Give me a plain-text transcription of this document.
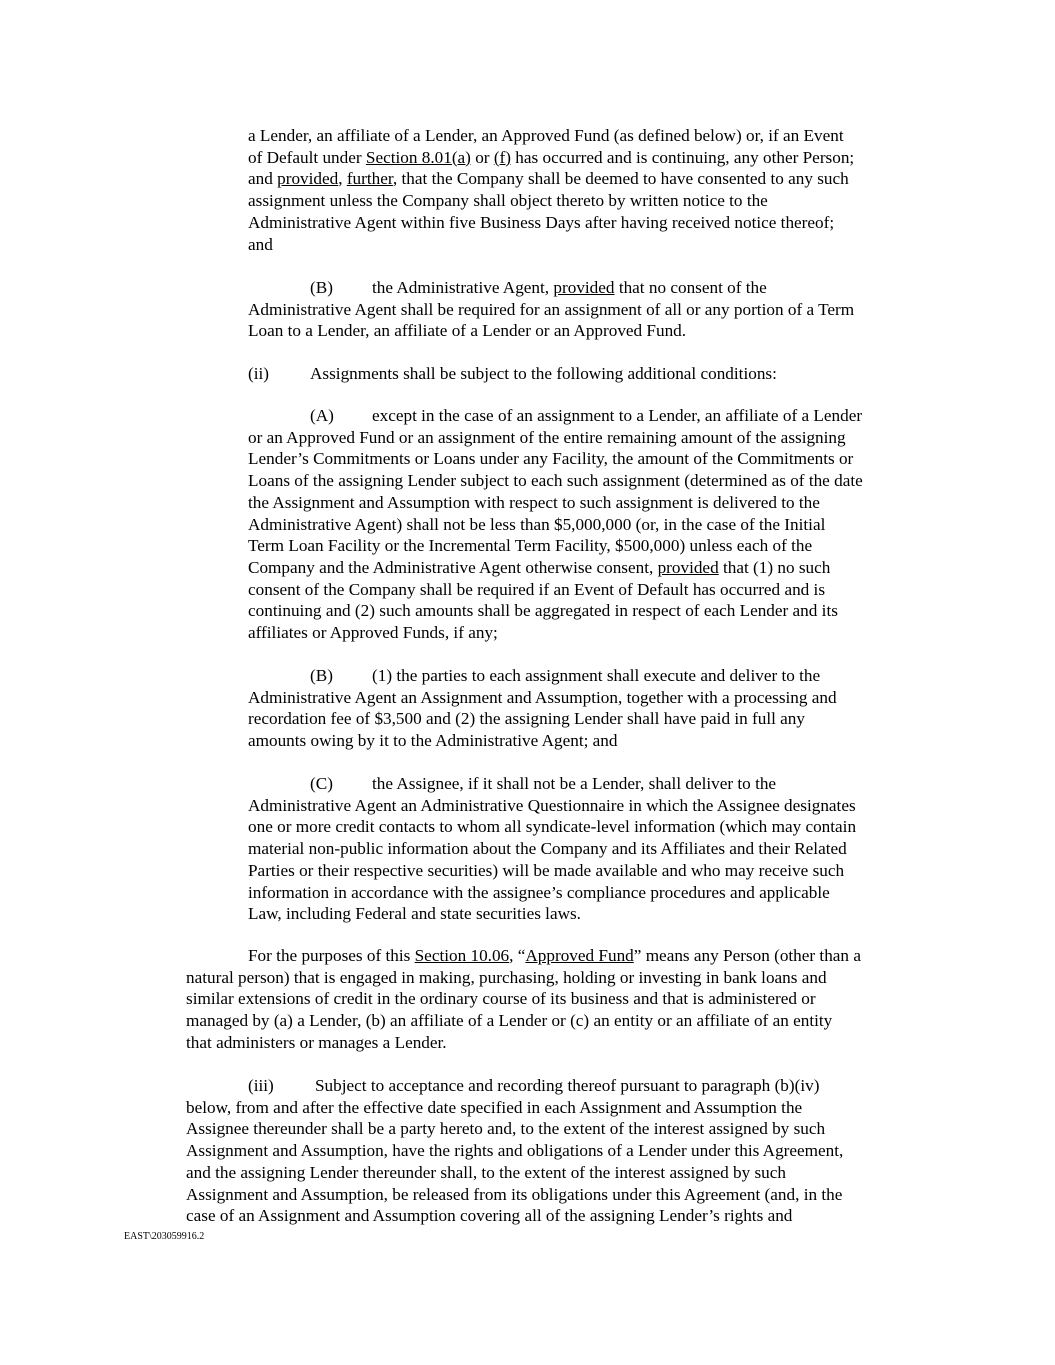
a Lender, an affiliate of a Lender, an Approved Fund (as defined below) or, if an Event
of Default under Section 8.01(a) or (f) has occurred and is continuing, any other Person;
and provided, further, that the Company shall be deemed to have consented to any such
assignment unless the Company shall object thereto by written notice to the
Administrative Agent within five Business Days after having received notice thereof;
and
(B) the Administrative Agent, provided that no consent of the
Administrative Agent shall be required for an assignment of all or any portion of a Term
Loan to a Lender, an affiliate of a Lender or an Approved Fund.
(ii) Assignments shall be subject to the following additional conditions:
(A) except in the case of an assignment to a Lender, an affiliate of a Lender
or an Approved Fund or an assignment of the entire remaining amount of the assigning
Lender’s Commitments or Loans under any Facility, the amount of the Commitments or
Loans of the assigning Lender subject to each such assignment (determined as of the date
the Assignment and Assumption with respect to such assignment is delivered to the
Administrative Agent) shall not be less than $5,000,000 (or, in the case of the Initial
Term Loan Facility or the Incremental Term Facility, $500,000) unless each of the
Company and the Administrative Agent otherwise consent, provided that (1) no such
consent of the Company shall be required if an Event of Default has occurred and is
continuing and (2) such amounts shall be aggregated in respect of each Lender and its
affiliates or Approved Funds, if any;
(B) (1) the parties to each assignment shall execute and deliver to the
Administrative Agent an Assignment and Assumption, together with a processing and
recordation fee of $3,500 and (2) the assigning Lender shall have paid in full any
amounts owing by it to the Administrative Agent; and
(C) the Assignee, if it shall not be a Lender, shall deliver to the
Administrative Agent an Administrative Questionnaire in which the Assignee designates
one or more credit contacts to whom all syndicate-level information (which may contain
material non-public information about the Company and its Affiliates and their Related
Parties or their respective securities) will be made available and who may receive such
information in accordance with the assignee’s compliance procedures and applicable
Law, including Federal and state securities laws.
For the purposes of this Section 10.06, “Approved Fund” means any Person (other than a
natural person) that is engaged in making, purchasing, holding or investing in bank loans and
similar extensions of credit in the ordinary course of its business and that is administered or
managed by (a) a Lender, (b) an affiliate of a Lender or (c) an entity or an affiliate of an entity
that administers or manages a Lender.
(iii) Subject to acceptance and recording thereof pursuant to paragraph (b)(iv)
below, from and after the effective date specified in each Assignment and Assumption the
Assignee thereunder shall be a party hereto and, to the extent of the interest assigned by such
Assignment and Assumption, have the rights and obligations of a Lender under this Agreement,
and the assigning Lender thereunder shall, to the extent of the interest assigned by such
Assignment and Assumption, be released from its obligations under this Agreement (and, in the
case of an Assignment and Assumption covering all of the assigning Lender’s rights and
EAST\203059916.2
